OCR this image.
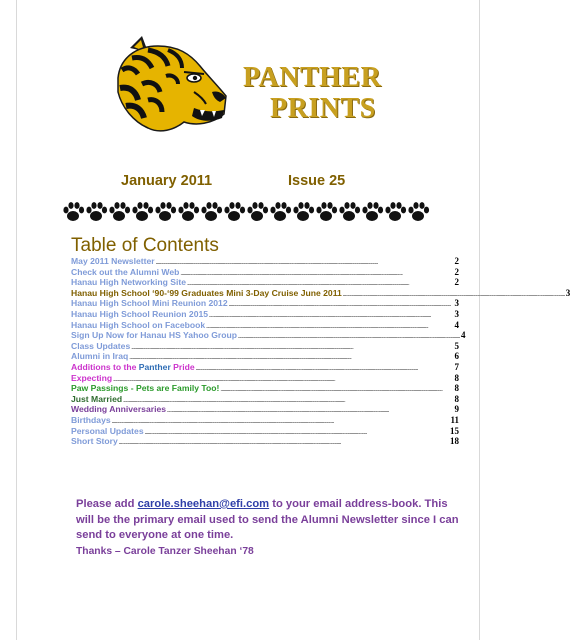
PANTHER
PRINTS
January 2011	Issue 25
Table of Contents
May 2011 Newsletter ................................................................................................................................................................................................................	2
Check out the Alumni Web ................................................................................................................................................................................................................	2
Hanau High Networking Site ................................................................................................................................................................................................................	2
Hanau High School ‘90-‘99 Graduates Mini 3-Day Cruise June 2011 ................................................................................................................................................................................................................ 3
Hanau High School Mini Reunion 2012 ................................................................................................................................................................................................................ 3
Hanau High School Reunion 2015 ................................................................................................................................................................................................................	3
Hanau High School on Facebook ................................................................................................................................................................................................................	4
Sign Up Now for Hanau HS Yahoo Group ................................................................................................................................................................................................................ 4
Class Updates ................................................................................................................................................................................................................	5
Alumni in Iraq ................................................................................................................................................................................................................	6
Additions to the Panther Pride ................................................................................................................................................................................................................	7
Expecting ................................................................................................................................................................................................................	8
Paw Passings - Pets are Family Too! ................................................................................................................................................................................................................	8
Just Married ................................................................................................................................................................................................................	8
Wedding Anniversaries ................................................................................................................................................................................................................	9
Birthdays ................................................................................................................................................................................................................	11
Personal Updates ................................................................................................................................................................................................................	15
Short Story ................................................................................................................................................................................................................	18
Please add carole.sheehan@efi.com to your email address-book. This will be the primary email used to send the Alumni Newsletter since I can send to everyone at one time.
Thanks – Carole Tanzer Sheehan ‘78
